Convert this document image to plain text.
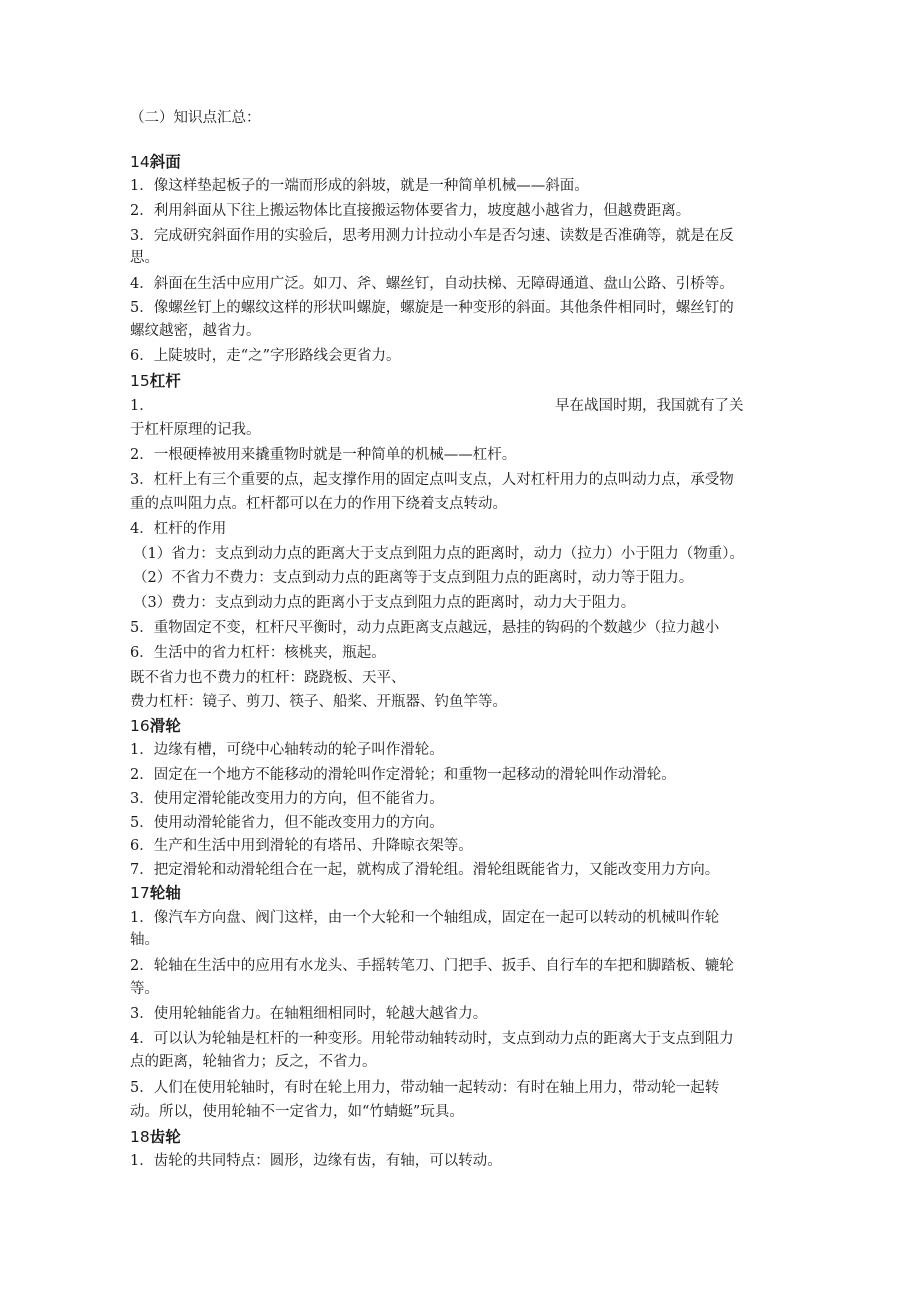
（二）知识点汇总：
14斜面
1．像这样垫起板子的一端而形成的斜坡，就是一种简单机械——斜面。
2．利用斜面从下往上搬运物体比直接搬运物体要省力，坡度越小越省力，但越费距离。
3．完成研究斜面作用的实验后，思考用测力计拉动小车是否匀速、读数是否准确等，就是在反
思。
4．斜面在生活中应用广泛。如刀、斧、螺丝钉，自动扶梯、无障碍通道、盘山公路、引桥等。
5．像螺丝钉上的螺纹这样的形状叫螺旋，螺旋是一种变形的斜面。其他条件相同时，螺丝钉的
螺纹越密，越省力。
6．上陡坡时，走“之”字形路线会更省力。
15杠杆
1．	早在战国时期，我国就有了关
于杠杆原理的记我。
2．一根硬棒被用来撬重物时就是一种简单的机械——杠杆。
3．杠杆上有三个重要的点，起支撑作用的固定点叫支点，人对杠杆用力的点叫动力点，承受物
重的点叫阻力点。杠杆都可以在力的作用下绕着支点转动。
4．杠杆的作用
（1）省力：支点到动力点的距离大于支点到阻力点的距离时，动力（拉力）小于阻力（物重）。
（2）不省力不费力：支点到动力点的距离等于支点到阻力点的距离时，动力等于阻力。
（3）费力：支点到动力点的距离小于支点到阻力点的距离时，动力大于阻力。
5．重物固定不变，杠杆尺平衡时，动力点距离支点越远，悬挂的钩码的个数越少（拉力越小
6．生活中的省力杠杆：核桃夹，瓶起。
既不省力也不费力的杠杆：跷跷板、天平、
费力杠杆：镜子、剪刀、筷子、船桨、开瓶器、钓鱼竿等。
16滑轮
1．边缘有槽，可绕中心轴转动的轮子叫作滑轮。
2．固定在一个地方不能移动的滑轮叫作定滑轮；和重物一起移动的滑轮叫作动滑轮。
3．使用定滑轮能改变用力的方向，但不能省力。
5．使用动滑轮能省力，但不能改变用力的方向。
6．生产和生活中用到滑轮的有塔吊、升降晾衣架等。
7．把定滑轮和动滑轮组合在一起，就构成了滑轮组。滑轮组既能省力，又能改变用力方向。
17轮轴
1．像汽车方向盘、阀门这样，由一个大轮和一个轴组成，固定在一起可以转动的机械叫作轮
轴。
2．轮轴在生活中的应用有水龙头、手摇转笔刀、门把手、扳手、自行车的车把和脚踏板、辘轮
等。
3．使用轮轴能省力。在轴粗细相同时，轮越大越省力。
4．可以认为轮轴是杠杆的一种变形。用轮带动轴转动时，支点到动力点的距离大于支点到阻力
点的距离，轮轴省力；反之，不省力。
5．人们在使用轮轴时，有时在轮上用力，带动轴一起转动：有时在轴上用力，带动轮一起转
动。所以，使用轮轴不一定省力，如“竹蜻蜓”玩具。
18齿轮
1．齿轮的共同特点：圆形，边缘有齿，有轴，可以转动。
